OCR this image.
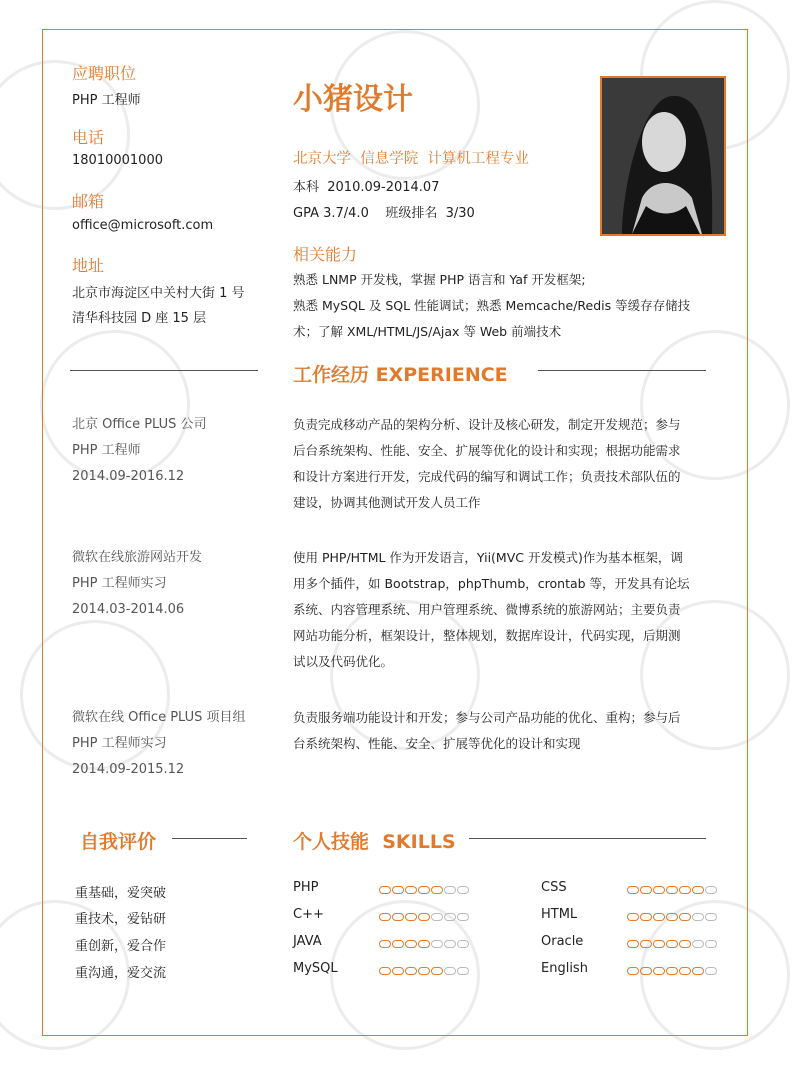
应聘职位
PHP 工程师
电话
18010001000
邮箱
office@microsoft.com
地址
北京市海淀区中关村大街 1 号
清华科技园 D 座 15 层
小猪设计
北京大学  信息学院  计算机工程专业
本科  2010.09-2014.07
GPA 3.7/4.0    班级排名  3/30
相关能力
熟悉 LNMP 开发栈，掌握 PHP 语言和 Yaf 开发框架;
熟悉 MySQL 及 SQL 性能调试；熟悉 Memcache/Redis 等缓存存储技
术；了解 XML/HTML/JS/Ajax 等 Web 前端技术
工作经历 EXPERIENCE
北京 Office PLUS 公司
PHP 工程师
2014.09-2016.12
负责完成移动产品的架构分析、设计及核心研发，制定开发规范；参与
后台系统架构、性能、安全、扩展等优化的设计和实现；根据功能需求
和设计方案进行开发，完成代码的编写和调试工作；负责技术部队伍的
建设，协调其他测试开发人员工作
微软在线旅游网站开发
PHP 工程师实习
2014.03-2014.06
使用 PHP/HTML 作为开发语言，Yii(MVC 开发模式)作为基本框架，调
用多个插件，如 Bootstrap，phpThumb，crontab 等，开发具有论坛
系统、内容管理系统、用户管理系统、微博系统的旅游网站；主要负责
网站功能分析，框架设计，整体规划，数据库设计，代码实现，后期测
试以及代码优化。
微软在线 Office PLUS 项目组
PHP 工程师实习
2014.09-2015.12
负责服务端功能设计和开发；参与公司产品功能的优化、重构；参与后
台系统架构、性能、安全、扩展等优化的设计和实现
自我评价
重基础，爱突破
重技术，爱钻研
重创新，爱合作
重沟通，爱交流
个人技能  SKILLS
PHP
C++
JAVA
MySQL
CSS
HTML
Oracle
English
